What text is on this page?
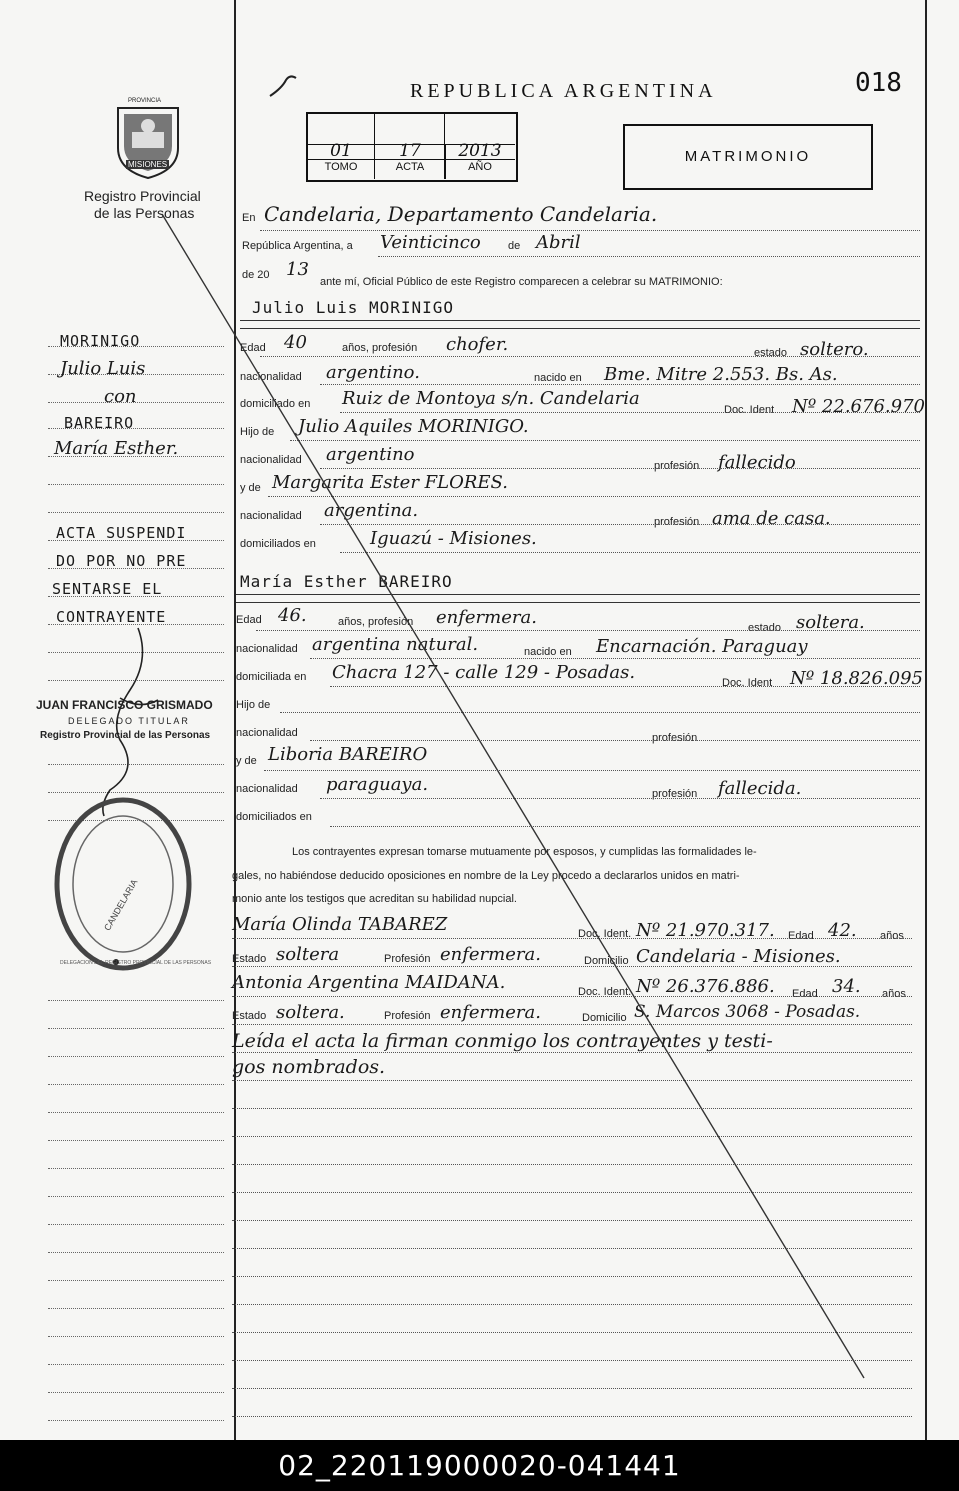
REPUBLICA ARGENTINA	018
01
TOMO
17
ACTA
2013
AÑO
MATRIMONIO
PROVINCIA
MISIONES
Registro Provincial
de las Personas
MORINIGO
Julio Luis
con
BAREIRO
María Esther.
ACTA SUSPENDI
DO POR NO PRE
SENTARSE EL
CONTRAYENTE
JUAN FRANCISCO GRISMADO
DELEGADO TITULAR
Registro Provincial de las Personas
DELEGACION DEL REGISTRO PROVINCIAL DE LAS PERSONAS
CANDELARIA
En Candelaria, Departamento Candelaria.
República Argentina, a Veinticinco de Abril
de 20 13
ante mí, Oficial Público de este Registro comparecen a celebrar su MATRIMONIO:
Julio Luis MORINIGO
Edad 40	años, profesión chofer.	estado soltero.
nacionalidad argentino.	nacido en Bme. Mitre 2.553. Bs. As.
domiciliado en Ruiz de Montoya s/n. Candelaria
Doc. Ident Nº 22.676.970
Hijo de Julio Aquiles MORINIGO.
nacionalidad argentino
profesión fallecido
y de Margarita Ester FLORES.
nacionalidad argentina.
profesión ama de casa.
domiciliados en	Iguazú - Misiones.
María Esther BAREIRO
Edad 46.	años, profesión enfermera.	estado soltera.
nacionalidad argentina natural.	nacido en Encarnación. Paraguay
domiciliada en Chacra 127 - calle 129 - Posadas.	Doc. Ident Nº 18.826.095
Hijo de
nacionalidad	profesión
y de Liboria BAREIRO
nacionalidad paraguaya.	profesión fallecida.
domiciliados en
Los contrayentes expresan tomarse mutuamente por esposos, y cumplidas las formalidades le-
gales, no habiéndose deducido oposiciones en nombre de la Ley procedo a declararlos unidos en matri-
monio ante los testigos que acreditan su habilidad nupcial.
María Olinda TABAREZ	Doc. Ident. Nº 21.970.317. Edad 42. años
Estado soltera	Profesión enfermera.	Domicilio Candelaria - Misiones.
Antonia Argentina MAIDANA.	Doc. Ident. Nº 26.376.886. Edad 34. años
Estado soltera.	Profesión enfermera.	Domicilio S. Marcos 3068 - Posadas.
Leída el acta la firman conmigo los contrayentes y testi-
gos nombrados.
02_220119000020-041441
